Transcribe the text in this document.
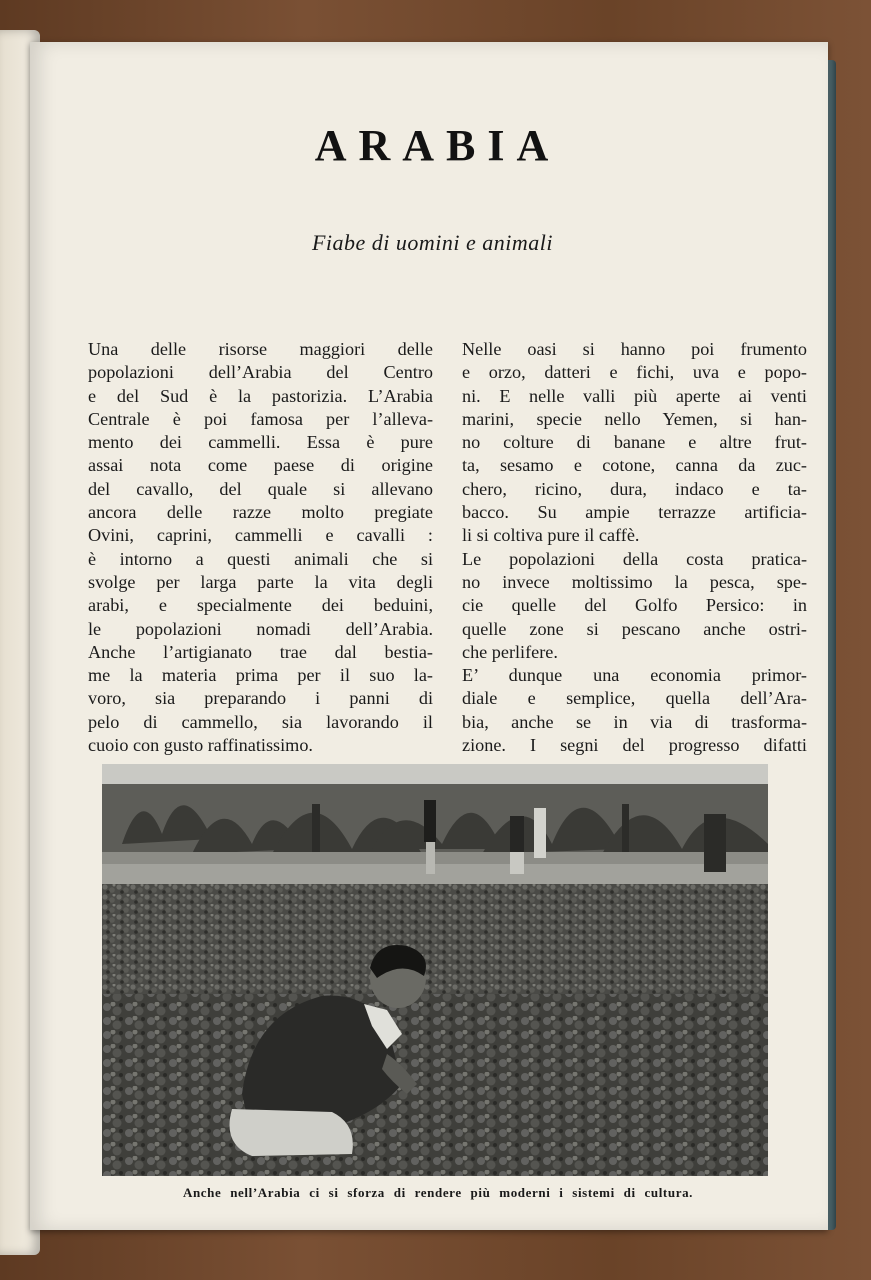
ARABIA
Fiabe di uomini e animali
Una delle risorse maggiori delle
popolazioni dell’Arabia del Centro
e del Sud è la pastorizia. L’Arabia
Centrale è poi famosa per l’alleva-
mento dei cammelli. Essa è pure
assai nota come paese di origine
del cavallo, del quale si allevano
ancora delle razze molto pregiate
Ovini, caprini, cammelli e cavalli :
è intorno a questi animali che si
svolge per larga parte la vita degli
arabi, e specialmente dei beduini,
le popolazioni nomadi dell’Arabia.
Anche l’artigianato trae dal bestia-
me la materia prima per il suo la-
voro, sia preparando i panni di
pelo di cammello, sia lavorando il
cuoio con gusto raffinatissimo.
Nelle oasi si hanno poi frumento
e orzo, datteri e fichi, uva e popo-
ni. E nelle valli più aperte ai venti
marini, specie nello Yemen, si han-
no colture di banane e altre frut-
ta, sesamo e cotone, canna da zuc-
chero, ricino, dura, indaco e ta-
bacco. Su ampie terrazze artificia-
li si coltiva pure il caffè.
Le popolazioni della costa pratica-
no invece moltissimo la pesca, spe-
cie quelle del Golfo Persico: in
quelle zone si pescano anche ostri-
che perlifere.
E’ dunque una economia primor-
diale e semplice, quella dell’Ara-
bia, anche se in via di trasforma-
zione. I segni del progresso difatti
Anche nell’Arabia ci si sforza di rendere più moderni i sistemi di cultura.
